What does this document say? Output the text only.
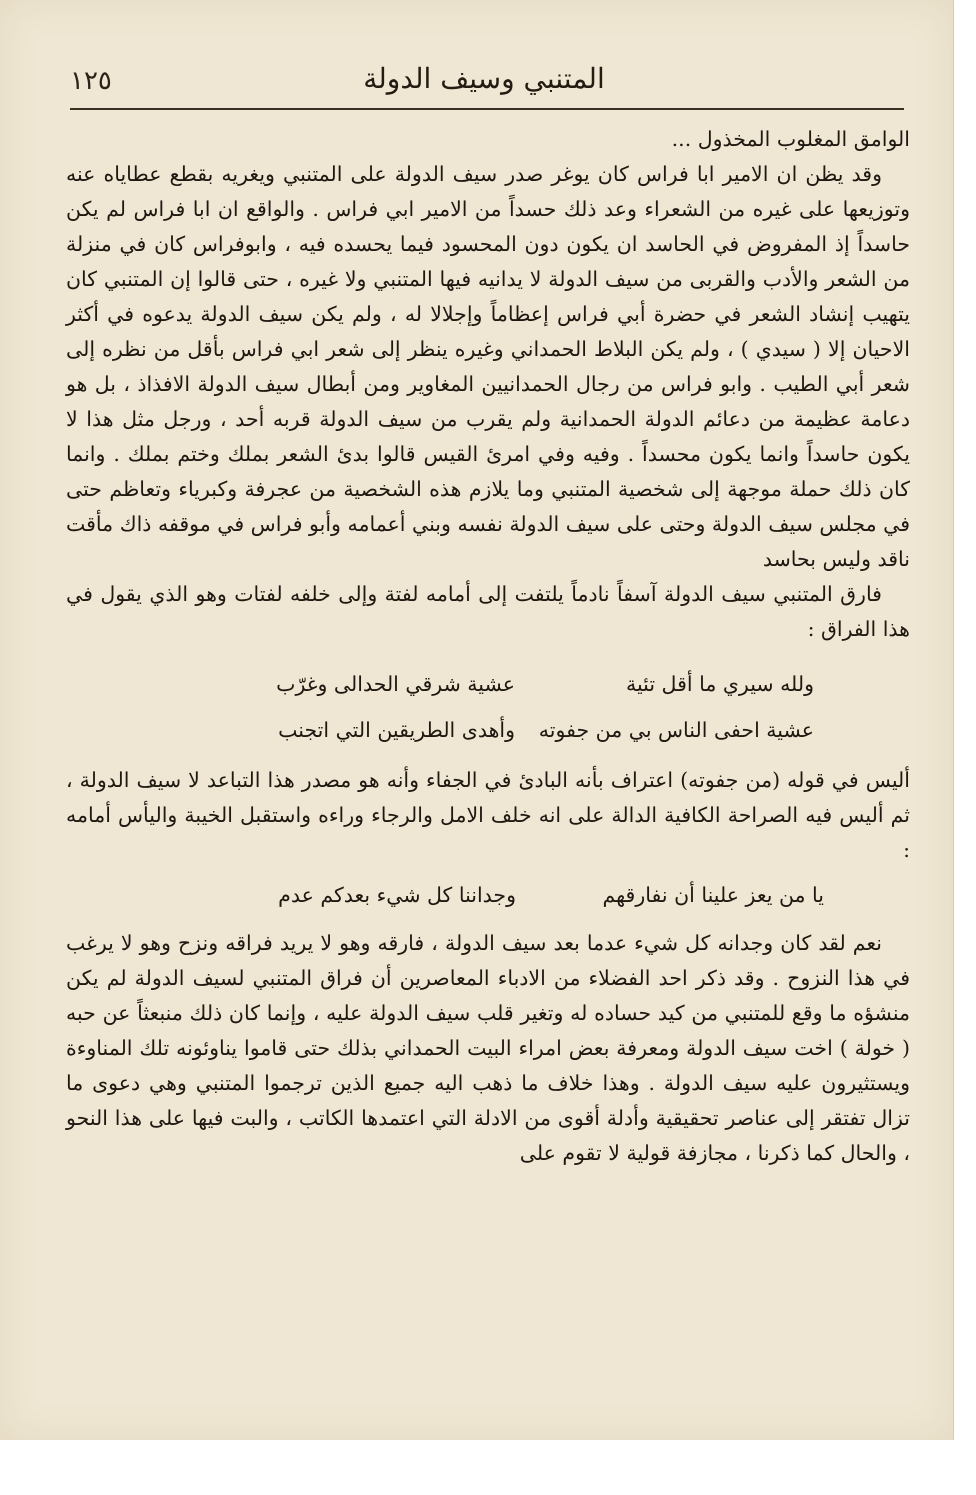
١٢٥	المتنبي وسيف الدولة

الوامق المغلوب المخذول ...

وقد يظن ان الامير ابا فراس كان يوغر صدر سيف الدولة على المتنبي ويغريه بقطع عطاياه عنه وتوزيعها على غيره من الشعراء وعد ذلك حسداً من الامير ابي فراس . والواقع ان ابا فراس لم يكن حاسداً إذ المفروض في الحاسد ان يكون دون المحسود فيما يحسده فيه ، وابوفراس كان في منزلة من الشعر والأدب والقربى من سيف الدولة لا يدانيه فيها المتنبي ولا غيره ، حتى قالوا إن المتنبي كان يتهيب إنشاد الشعر في حضرة أبي فراس إعظاماً وإجلالا له ، ولم يكن سيف الدولة يدعوه في أكثر الاحيان إلا ( سيدي ) ، ولم يكن البلاط الحمداني وغيره ينظر إلى شعر ابي فراس بأقل من نظره إلى شعر أبي الطيب . وابو فراس من رجال الحمدانيين المغاوير ومن أبطال سيف الدولة الافذاذ ، بل هو دعامة عظيمة من دعائم الدولة الحمدانية ولم يقرب من سيف الدولة قربه أحد ، ورجل مثل هذا لا يكون حاسداً وانما يكون محسداً . وفيه وفي امرئ القيس قالوا بدئ الشعر بملك وختم بملك . وانما كان ذلك حملة موجهة إلى شخصية المتنبي وما يلازم هذه الشخصية من عجرفة وكبرياء وتعاظم حتى في مجلس سيف الدولة وحتى على سيف الدولة نفسه وبني أعمامه وأبو فراس في موقفه ذاك مأقت ناقد وليس بحاسد

فارق المتنبي سيف الدولة آسفاً نادماً يلتفت إلى أمامه لفتة وإلى خلفه لفتات وهو الذي يقول في هذا الفراق :

ولله سيري ما أقل تئية
عشية شرقي الحدالى وغرّب
عشية احفى الناس بي من جفوته
وأهدى الطريقين التي اتجنب

أليس في قوله (من جفوته) اعتراف بأنه البادئ في الجفاء وأنه هو مصدر هذا التباعد لا سيف الدولة ، ثم أليس فيه الصراحة الكافية الدالة على انه خلف الامل والرجاء وراءه واستقبل الخيبة واليأس أمامه :

يا من يعز علينا أن نفارقهم
وجداننا كل شيء بعدكم عدم

نعم لقد كان وجدانه كل شيء عدما بعد سيف الدولة ، فارقه وهو لا يريد فراقه ونزح وهو لا يرغب في هذا النزوح . وقد ذكر احد الفضلاء من الادباء المعاصرين أن فراق المتنبي لسيف الدولة لم يكن منشؤه ما وقع للمتنبي من كيد حساده له وتغير قلب سيف الدولة عليه ، وإنما كان ذلك منبعثاً عن حبه ( خولة ) اخت سيف الدولة ومعرفة بعض امراء البيت الحمداني بذلك حتى قاموا يناوئونه تلك المناوءة ويستثيرون عليه سيف الدولة . وهذا خلاف ما ذهب اليه جميع الذين ترجموا المتنبي وهي دعوى ما تزال تفتقر إلى عناصر تحقيقية وأدلة أقوى من الادلة التي اعتمدها الكاتب ، والبت فيها على هذا النحو ، والحال كما ذكرنا ، مجازفة قولية لا تقوم على
